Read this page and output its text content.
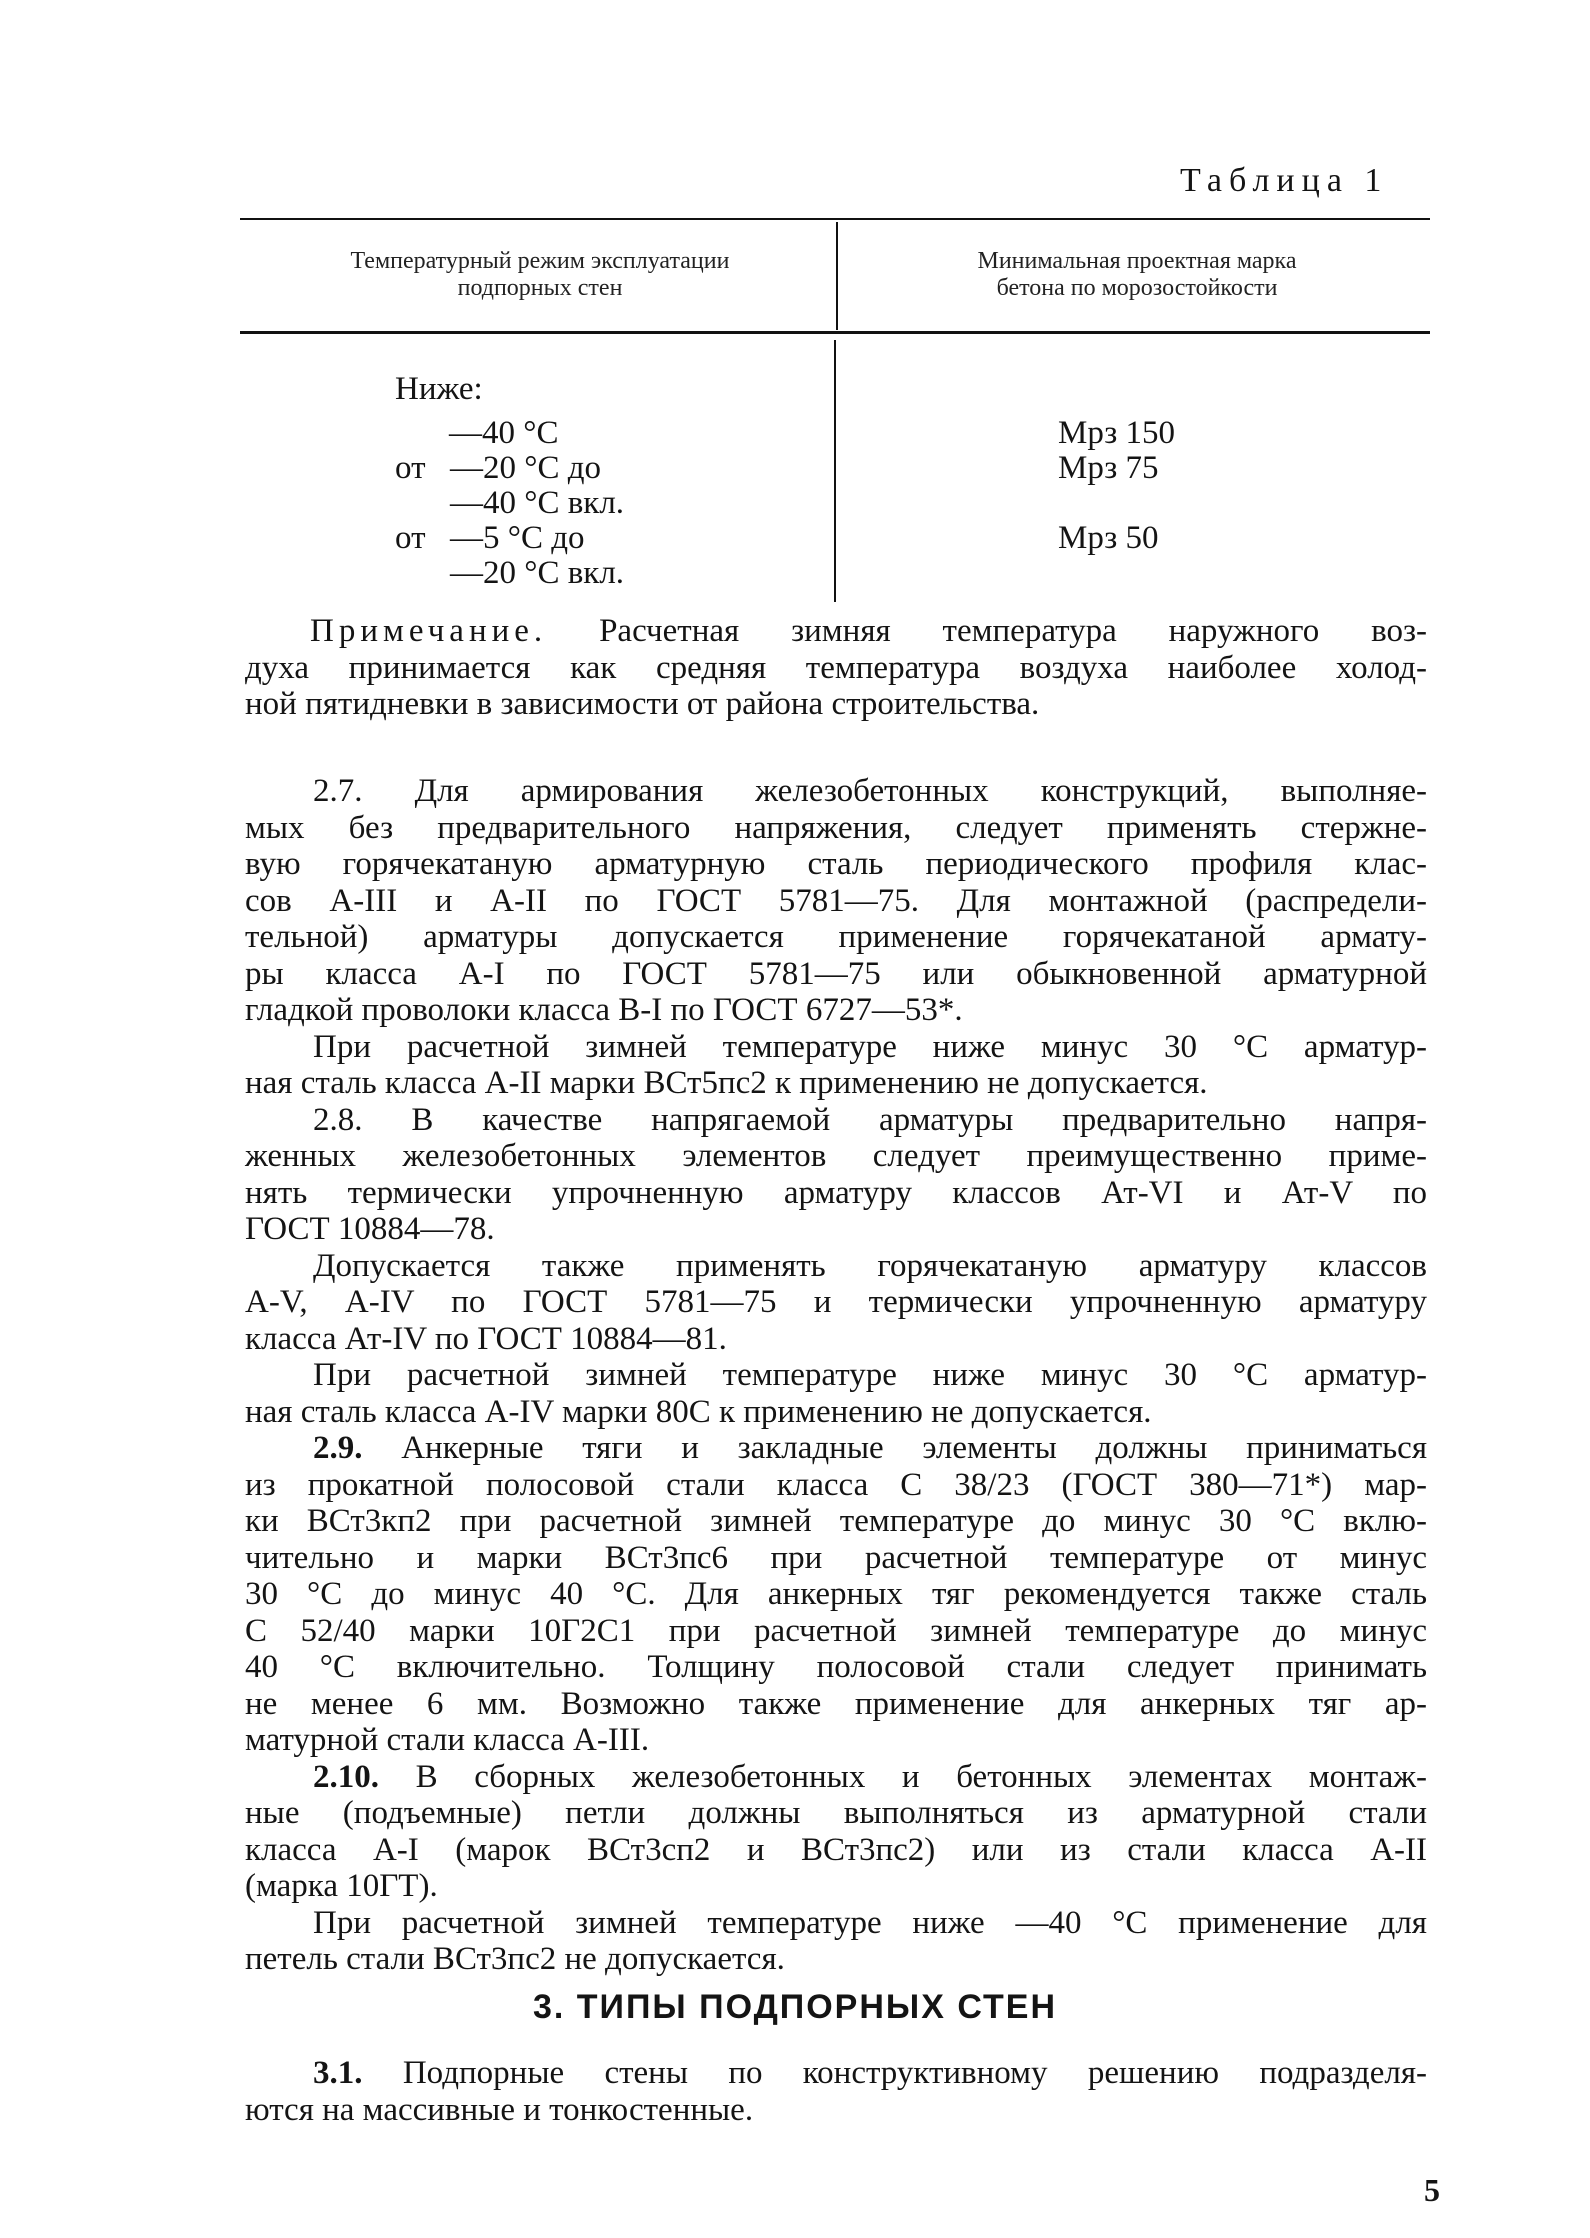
Таблица 1
Температурный режим эксплуатации
подпорных стен
Минимальная проектная марка
бетона по морозостойкости
Ниже:
—40 °С
от —20 °С до
—40 °С вкл.
от —5 °С до
—20 °С вкл.
Мрз 150
Мрз 75
Мрз 50
Примечание. Расчетная зимняя температура наружного воз-
духа принимается как средняя температура воздуха наиболее холод-
ной пятидневки в зависимости от района строительства.
2.7. Для армирования железобетонных конструкций, выполняе-
мых без предварительного напряжения, следует применять стержне-
вую горячекатаную арматурную сталь периодического профиля клас-
сов А-III и А-II по ГОСТ 5781—75. Для монтажной (распредели-
тельной) арматуры допускается применение горячекатаной армату-
ры класса А-I по ГОСТ 5781—75 или обыкновенной арматурной
гладкой проволоки класса В-I по ГОСТ 6727—53*.
При расчетной зимней температуре ниже минус 30 °С арматур-
ная сталь класса А-II марки ВСт5пс2 к применению не допускается.
2.8. В качестве напрягаемой арматуры предварительно напря-
женных железобетонных элементов следует преимущественно приме-
нять термически упрочненную арматуру классов Ат-VI и Ат-V по
ГОСТ 10884—78.
Допускается также применять горячекатаную арматуру классов
А-V, А-IV по ГОСТ 5781—75 и термически упрочненную арматуру
класса Ат-IV по ГОСТ 10884—81.
При расчетной зимней температуре ниже минус 30 °С арматур-
ная сталь класса А-IV марки 80С к применению не допускается.
2.9. Анкерные тяги и закладные элементы должны приниматься
из прокатной полосовой стали класса С 38/23 (ГОСТ 380—71*) мар-
ки ВСт3кп2 при расчетной зимней температуре до минус 30 °С вклю-
чительно и марки ВСт3пс6 при расчетной температуре от минус
30 °С до минус 40 °С. Для анкерных тяг рекомендуется также сталь
С 52/40 марки 10Г2С1 при расчетной зимней температуре до минус
40 °С включительно. Толщину полосовой стали следует принимать
не менее 6 мм. Возможно также применение для анкерных тяг ар-
матурной стали класса А-III.
2.10. В сборных железобетонных и бетонных элементах монтаж-
ные (подъемные) петли должны выполняться из арматурной стали
класса А-I (марок ВСт3сп2 и ВСт3пс2) или из стали класса А-II
(марка 10ГТ).
При расчетной зимней температуре ниже —40 °С применение для
петель стали ВСт3пс2 не допускается.
3. ТИПЫ ПОДПОРНЫХ СТЕН
3.1. Подпорные стены по конструктивному решению подразделя-
ются на массивные и тонкостенные.
5
